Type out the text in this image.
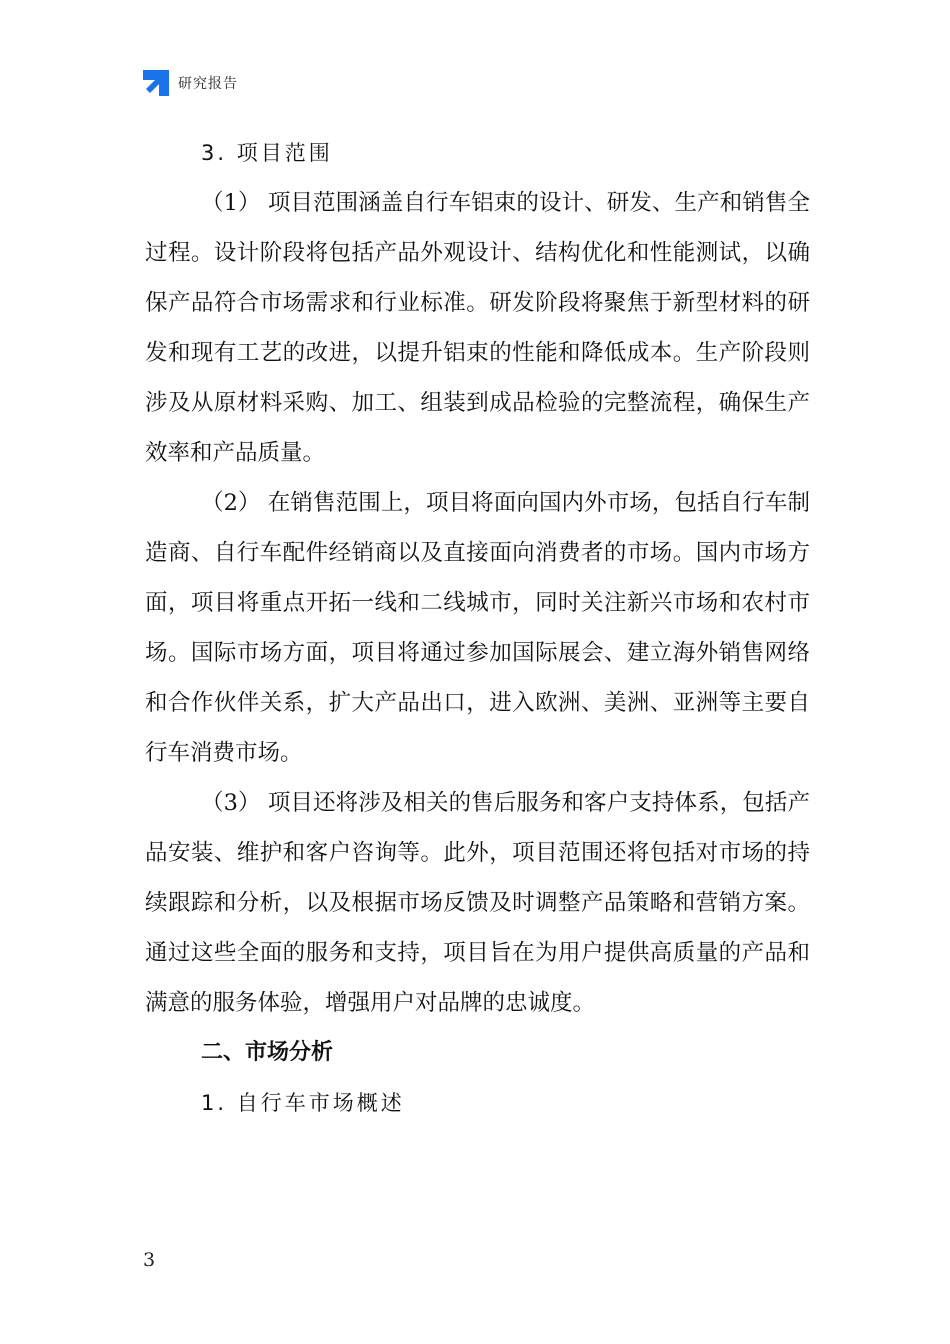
研究报告

3. 项目范围

（1） 项目范围涵盖自行车铝束的设计、研发、生产和销售全过程。设计阶段将包括产品外观设计、结构优化和性能测试，以确保产品符合市场需求和行业标准。研发阶段将聚焦于新型材料的研发和现有工艺的改进，以提升铝束的性能和降低成本。生产阶段则涉及从原材料采购、加工、组装到成品检验的完整流程，确保生产效率和产品质量。

（2） 在销售范围上，项目将面向国内外市场，包括自行车制造商、自行车配件经销商以及直接面向消费者的市场。国内市场方面，项目将重点开拓一线和二线城市，同时关注新兴市场和农村市场。国际市场方面，项目将通过参加国际展会、建立海外销售网络和合作伙伴关系，扩大产品出口，进入欧洲、美洲、亚洲等主要自行车消费市场。

（3） 项目还将涉及相关的售后服务和客户支持体系，包括产品安装、维护和客户咨询等。此外，项目范围还将包括对市场的持续跟踪和分析，以及根据市场反馈及时调整产品策略和营销方案。通过这些全面的服务和支持，项目旨在为用户提供高质量的产品和满意的服务体验，增强用户对品牌的忠诚度。

二、市场分析

1. 自行车市场概述

3
